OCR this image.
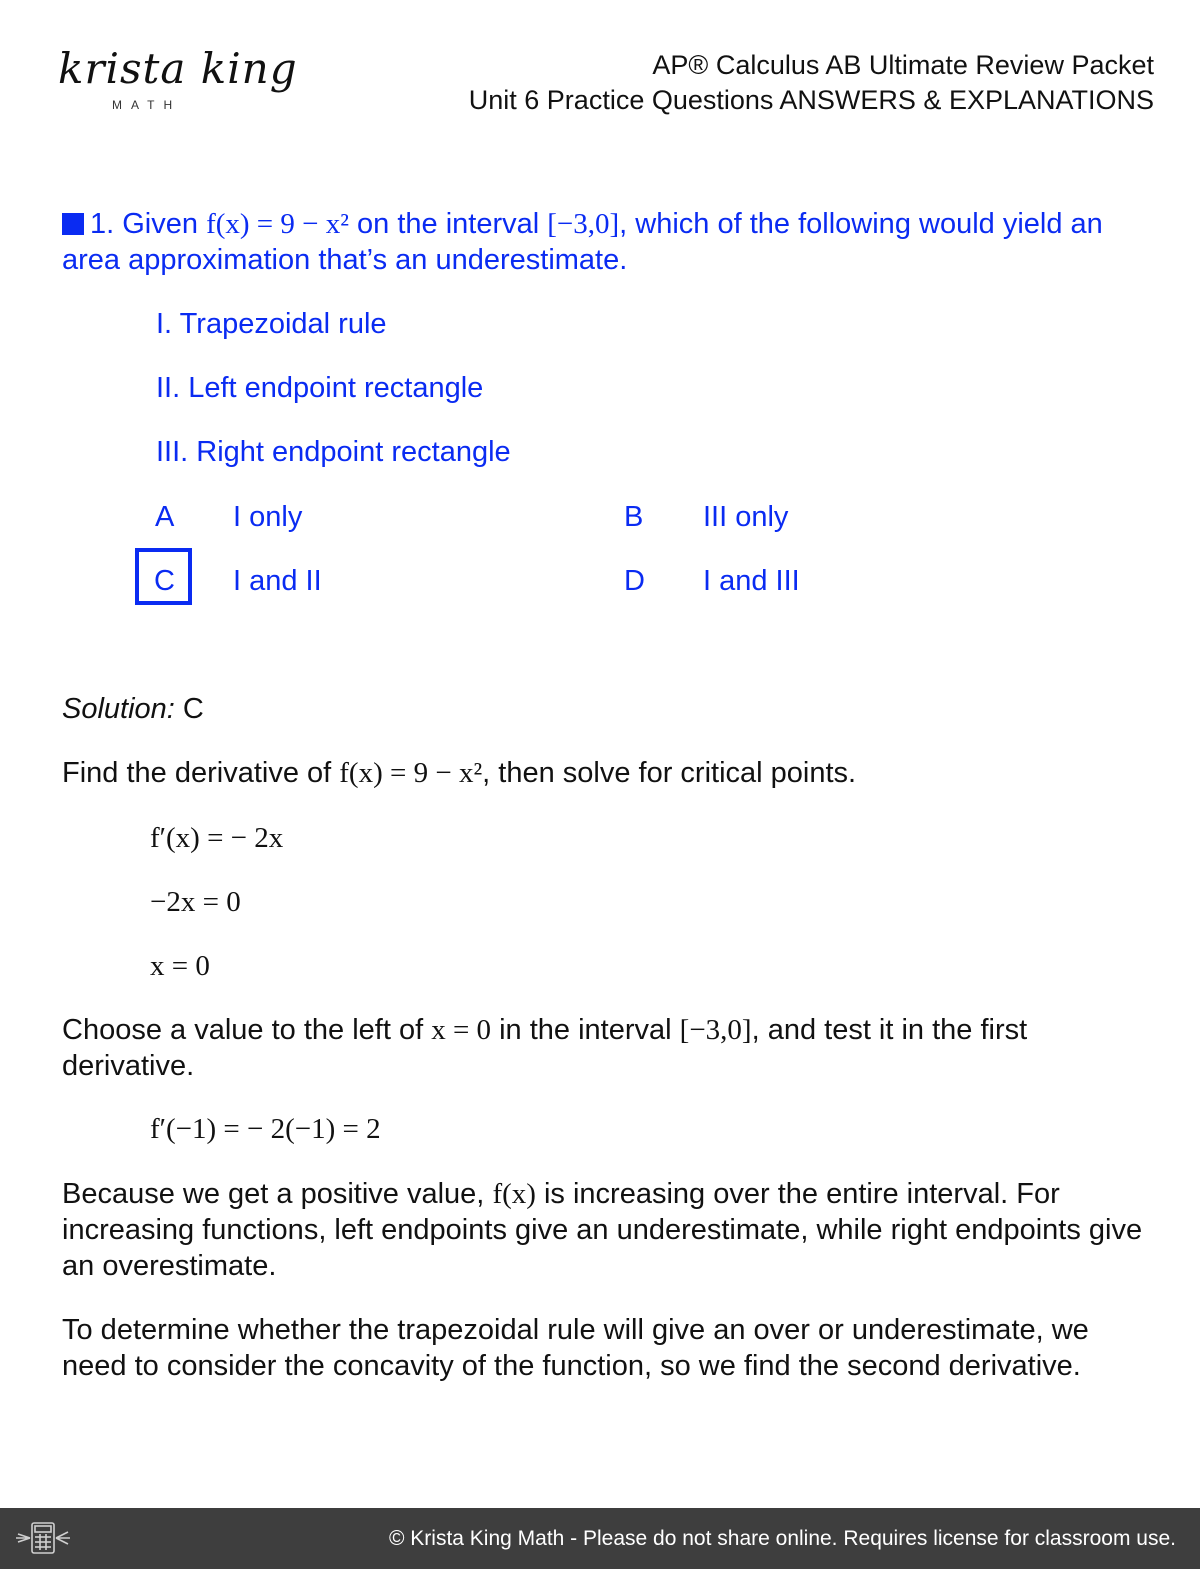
krista king
MATH
AP® Calculus AB Ultimate Review Packet
Unit 6 Practice Questions ANSWERS & EXPLANATIONS
1. Given f(x) = 9 − x² on the interval [−3,0], which of the following would yield an area approximation that’s an underestimate.
I. Trapezoidal rule
II. Left endpoint rectangle
III. Right endpoint rectangle
A I only	B III only
C I and II	D I and III
Solution: C
Find the derivative of f(x) = 9 − x², then solve for critical points.
f′(x) = − 2x
−2x = 0
x = 0
Choose a value to the left of x = 0 in the interval [−3,0], and test it in the first derivative.
f′(−1) = − 2(−1) = 2
Because we get a positive value, f(x) is increasing over the entire interval. For increasing functions, left endpoints give an underestimate, while right endpoints give an overestimate.
To determine whether the trapezoidal rule will give an over or underestimate, we need to consider the concavity of the function, so we find the second derivative.
© Krista King Math - Please do not share online. Requires license for classroom use.
